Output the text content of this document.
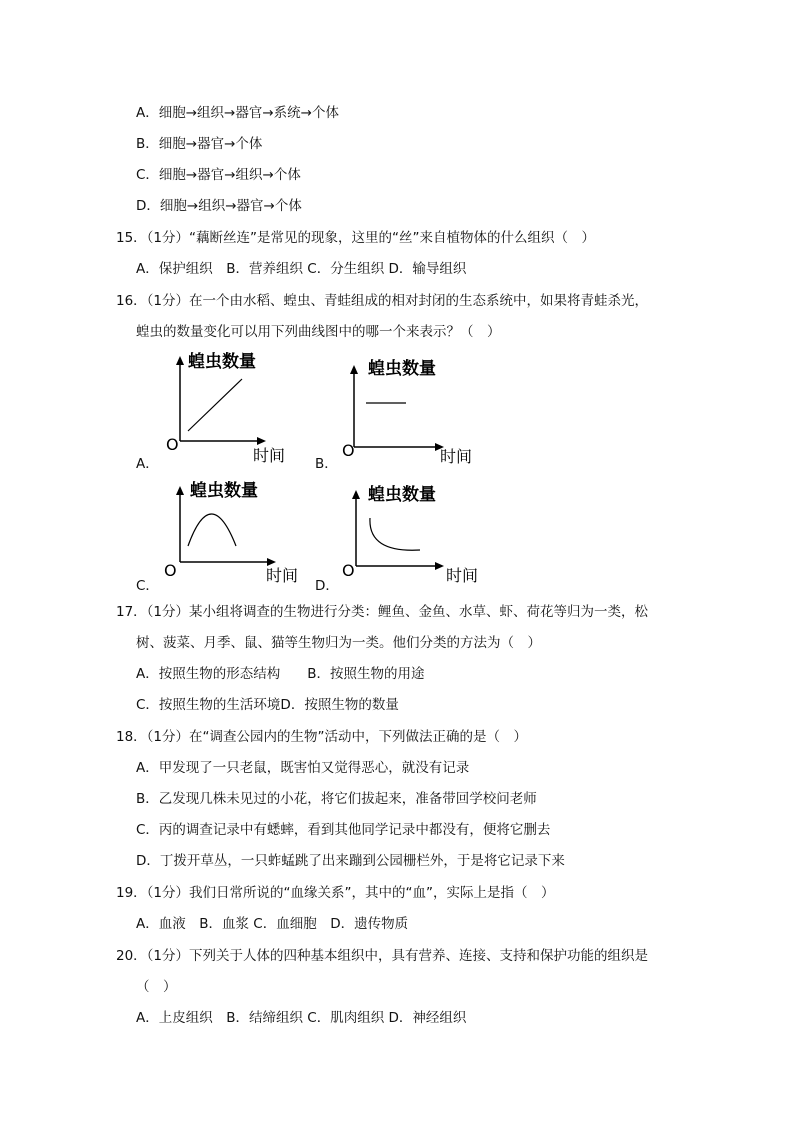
A．细胞→组织→器官→系统→个体
B．细胞→器官→个体
C．细胞→器官→组织→个体
D．细胞→组织→器官→个体
15．（1分）“藕断丝连”是常见的现象，这里的“丝”来自植物体的什么组织（　）
A．保护组织　B．营养组织 C．分生组织 D．输导组织
16．（1分）在一个由水稻、蝗虫、青蛙组成的相对封闭的生态系统中，如果将青蛙杀光，
蝗虫的数量变化可以用下列曲线图中的哪一个来表示？（　）
A．
蝗虫数量
O
时间 B．
蝗虫数量
O	时间
C．
蝗虫数量
O	时间
D．
蝗虫数量
O	时间
17．（1分）某小组将调查的生物进行分类：鲤鱼、金鱼、水草、虾、荷花等归为一类，松
树、菠菜、月季、鼠、猫等生物归为一类。他们分类的方法为（　）
A．按照生物的形态结构　　B．按照生物的用途
C．按照生物的生活环境D．按照生物的数量
18．（1分）在“调查公园内的生物”活动中，下列做法正确的是（　）
A．甲发现了一只老鼠，既害怕又觉得恶心，就没有记录
B．乙发现几株未见过的小花，将它们拔起来，准备带回学校问老师
C．丙的调查记录中有蟋蟀，看到其他同学记录中都没有，便将它删去
D．丁拨开草丛，一只蚱蜢跳了出来蹦到公园栅栏外，于是将它记录下来
19．（1分）我们日常所说的“血缘关系”，其中的“血”，实际上是指（　）
A．血液　B．血浆 C．血细胞　D．遗传物质
20．（1分）下列关于人体的四种基本组织中，具有营养、连接、支持和保护功能的组织是
（　）
A．上皮组织　B．结缔组织 C．肌肉组织 D．神经组织
